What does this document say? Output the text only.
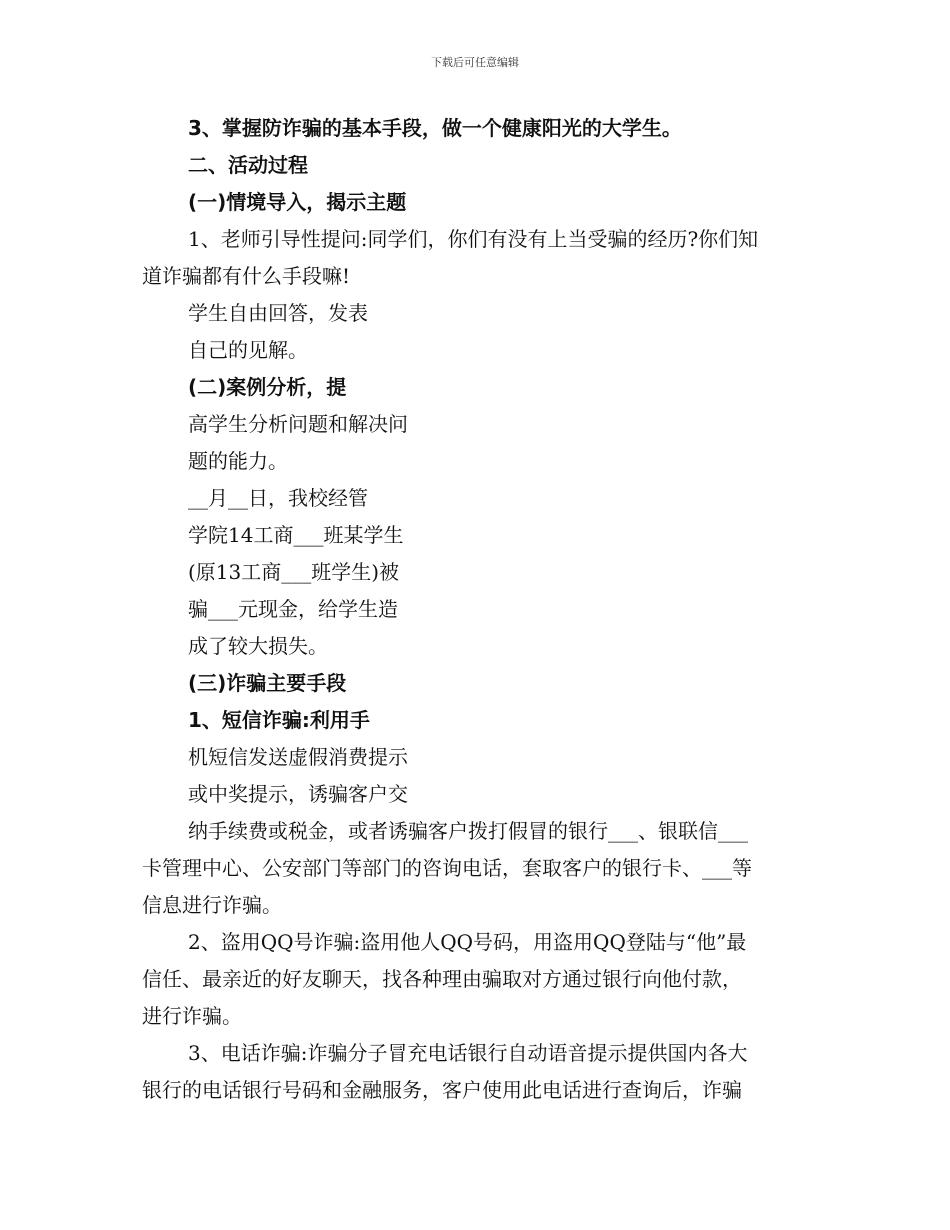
下载后可任意编辑
3、掌握防诈骗的基本手段，做一个健康阳光的大学生。
二、活动过程
(一)情境导入，揭示主题
1、老师引导性提问:同学们，你们有没有上当受骗的经历?你们知
道诈骗都有什么手段嘛!
学生自由回答，发表
自己的见解。
(二)案例分析，提
高学生分析问题和解决问
题的能力。
__月__日，我校经管
学院14工商___班某学生
(原13工商___班学生)被
骗___元现金，给学生造
成了较大损失。
(三)诈骗主要手段
1、短信诈骗:利用手
机短信发送虚假消费提示
或中奖提示，诱骗客户交
纳手续费或税金，或者诱骗客户拨打假冒的银行___、银联信___
卡管理中心、公安部门等部门的咨询电话，套取客户的银行卡、___等
信息进行诈骗。
2、盗用QQ号诈骗:盗用他人QQ号码，用盗用QQ登陆与“他”最
信任、最亲近的好友聊天，找各种理由骗取对方通过银行向他付款，
进行诈骗。
3、电话诈骗:诈骗分子冒充电话银行自动语音提示提供国内各大
银行的电话银行号码和金融服务，客户使用此电话进行查询后，诈骗
